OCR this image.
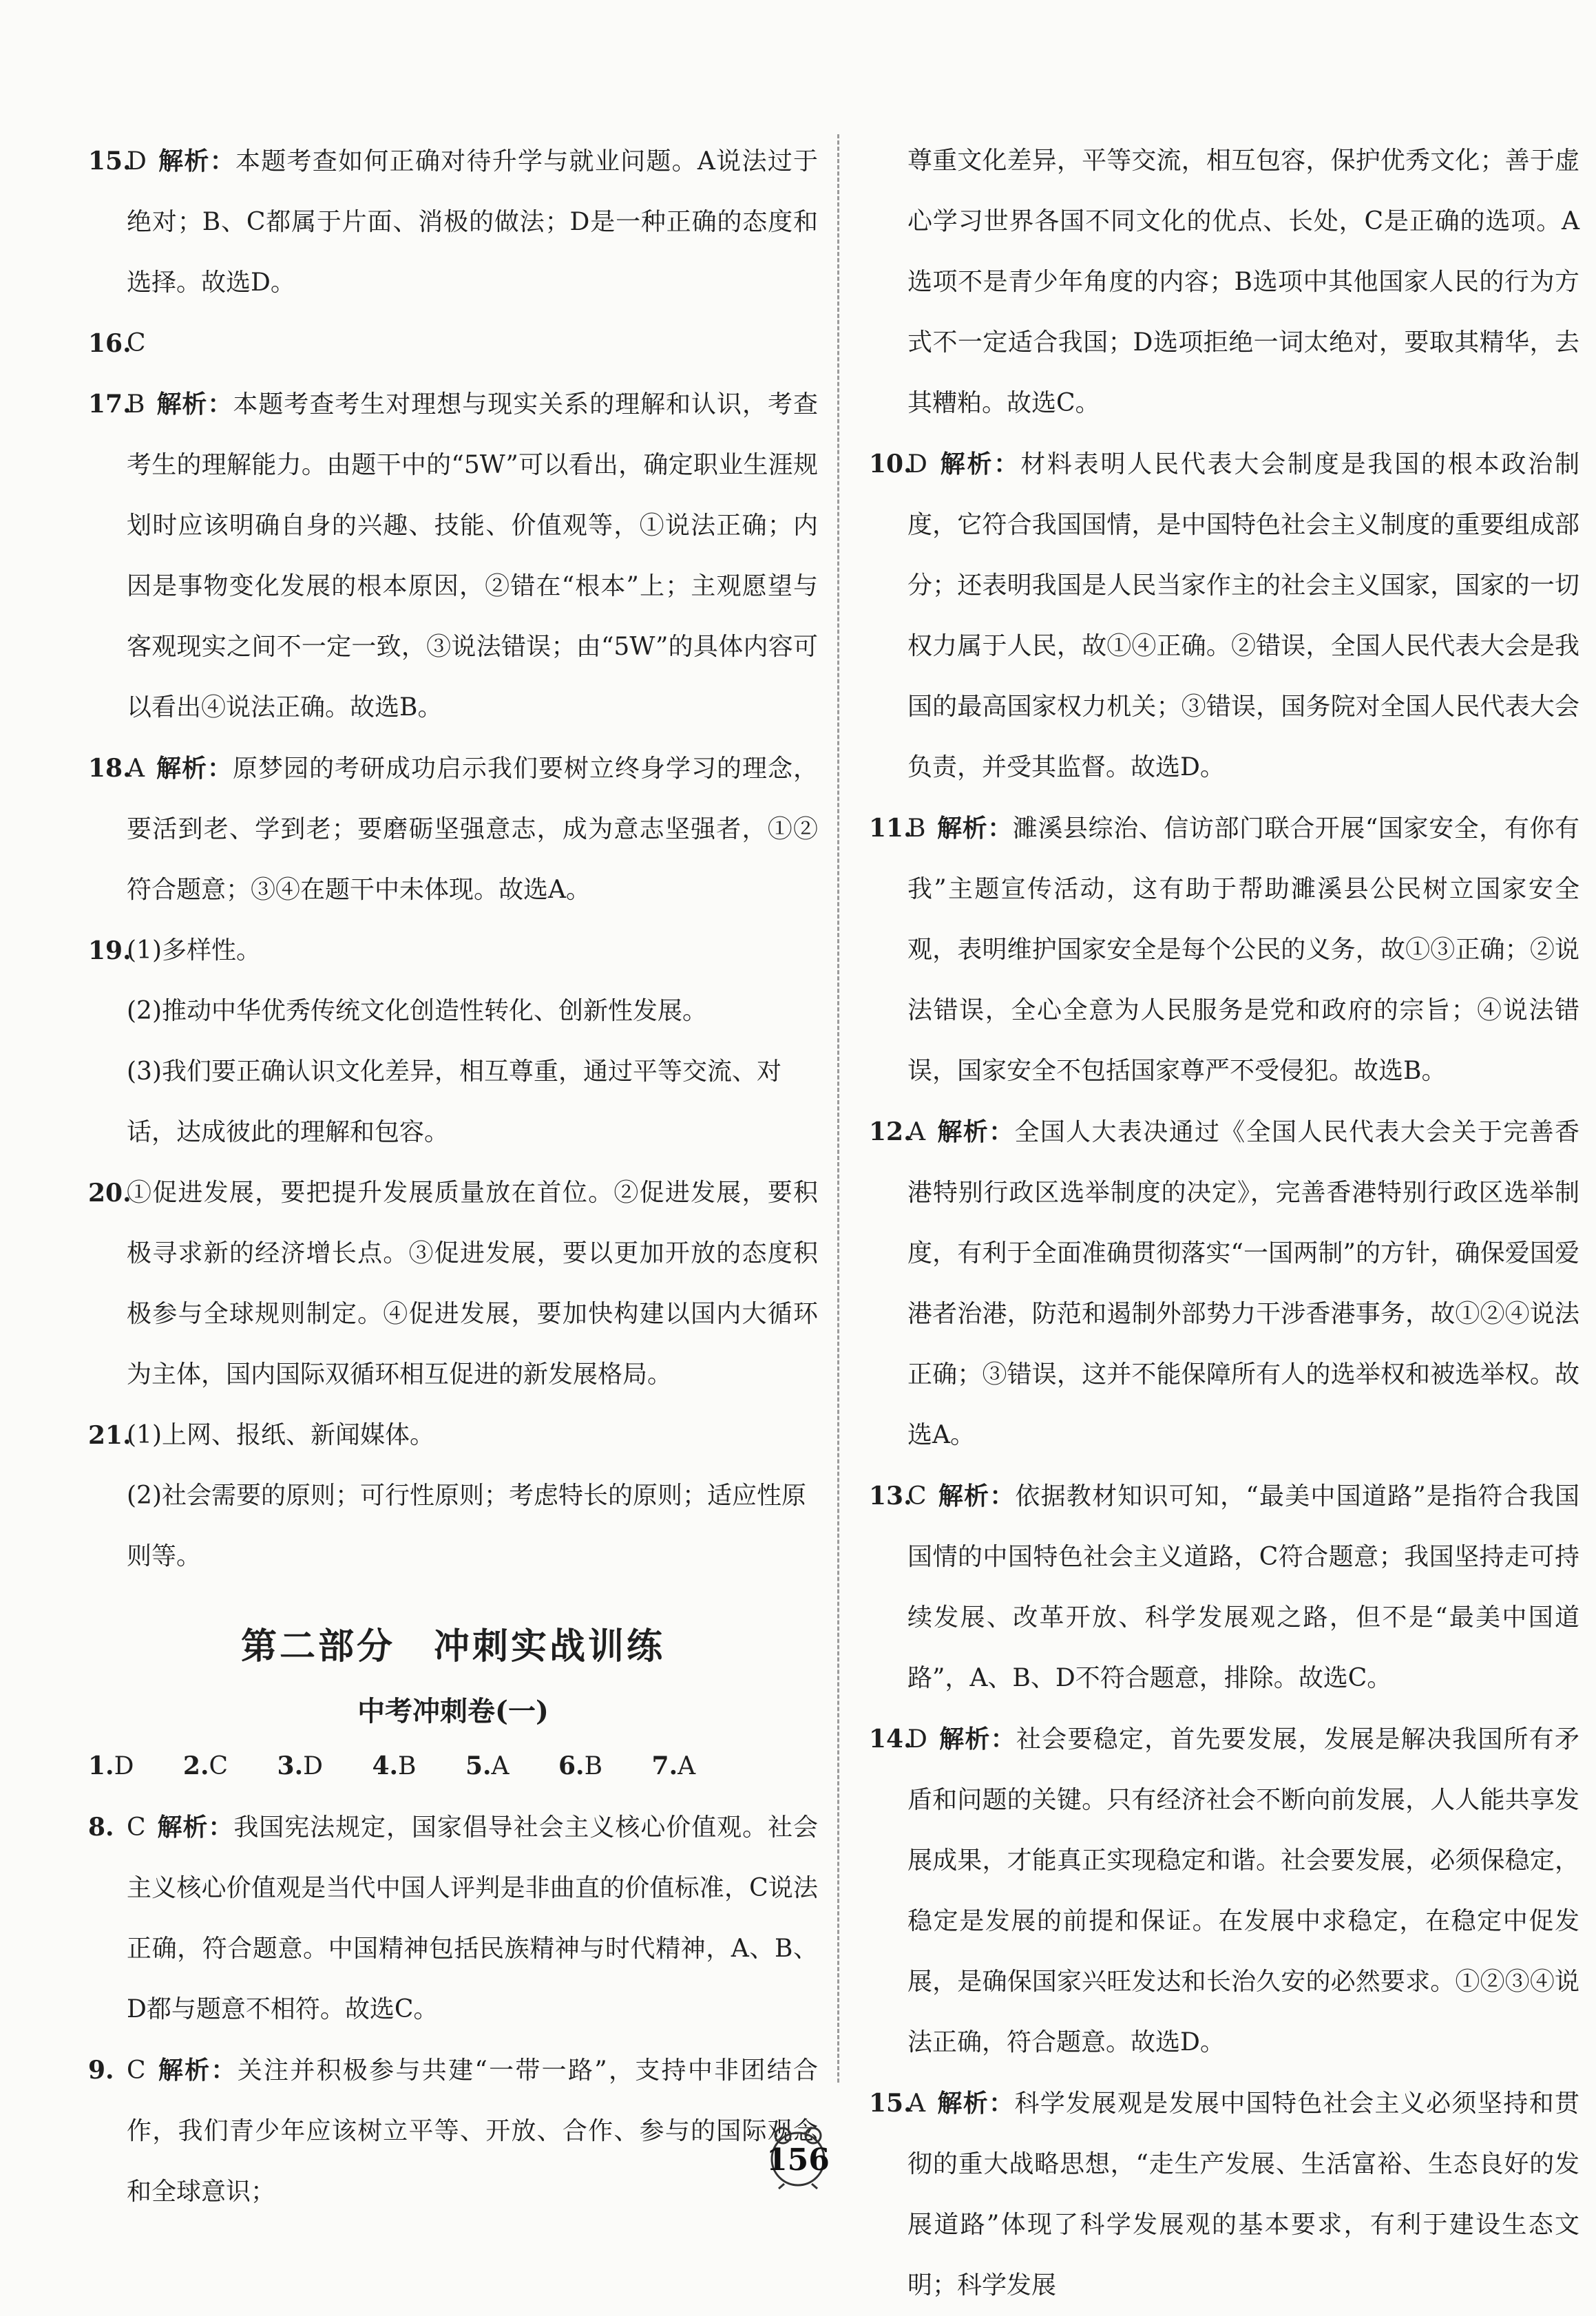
15.
D 解析：本题考查如何正确对待升学与就业问题。A说法过于绝对；B、C都属于片面、消极的做法；D是一种正确的态度和选择。故选D。
16.
C
17.
B 解析：本题考查考生对理想与现实关系的理解和认识，考查考生的理解能力。由题干中的“5W”可以看出，确定职业生涯规划时应该明确自身的兴趣、技能、价值观等，①说法正确；内因是事物变化发展的根本原因，②错在“根本”上；主观愿望与客观现实之间不一定一致，③说法错误；由“5W”的具体内容可以看出④说法正确。故选B。
18.
A 解析：原梦园的考研成功启示我们要树立终身学习的理念，要活到老、学到老；要磨砺坚强意志，成为意志坚强者，①②符合题意；③④在题干中未体现。故选A。
19.
(1)多样性。
(2)推动中华优秀传统文化创造性转化、创新性发展。
(3)我们要正确认识文化差异，相互尊重，通过平等交流、对话，达成彼此的理解和包容。
20.
①促进发展，要把提升发展质量放在首位。②促进发展，要积极寻求新的经济增长点。③促进发展，要以更加开放的态度积极参与全球规则制定。④促进发展，要加快构建以国内大循环为主体，国内国际双循环相互促进的新发展格局。
21.
(1)上网、报纸、新闻媒体。
(2)社会需要的原则；可行性原则；考虑特长的原则；适应性原则等。
第二部分　冲刺实战训练
中考冲刺卷(一)
1.D 2.C 3.D 4.B 5.A 6.B 7.A
8. C 解析：我国宪法规定，国家倡导社会主义核心价值观。社会主义核心价值观是当代中国人评判是非曲直的价值标准，C说法正确，符合题意。中国精神包括民族精神与时代精神，A、B、D都与题意不相符。故选C。
9. C 解析：关注并积极参与共建“一带一路”，支持中非团结合作，我们青少年应该树立平等、开放、合作、参与的国际观念和全球意识；
尊重文化差异，平等交流，相互包容，保护优秀文化；善于虚心学习世界各国不同文化的优点、长处，C是正确的选项。A选项不是青少年角度的内容；B选项中其他国家人民的行为方式不一定适合我国；D选项拒绝一词太绝对，要取其精华，去其糟粕。故选C。
10.
D 解析：材料表明人民代表大会制度是我国的根本政治制度，它符合我国国情，是中国特色社会主义制度的重要组成部分；还表明我国是人民当家作主的社会主义国家，国家的一切权力属于人民，故①④正确。②错误，全国人民代表大会是我国的最高国家权力机关；③错误，国务院对全国人民代表大会负责，并受其监督。故选D。
11.
B 解析：濉溪县综治、信访部门联合开展“国家安全，有你有我”主题宣传活动，这有助于帮助濉溪县公民树立国家安全观，表明维护国家安全是每个公民的义务，故①③正确；②说法错误，全心全意为人民服务是党和政府的宗旨；④说法错误，国家安全不包括国家尊严不受侵犯。故选B。
12.
A 解析：全国人大表决通过《全国人民代表大会关于完善香港特别行政区选举制度的决定》，完善香港特别行政区选举制度，有利于全面准确贯彻落实“一国两制”的方针，确保爱国爱港者治港，防范和遏制外部势力干涉香港事务，故①②④说法正确；③错误，这并不能保障所有人的选举权和被选举权。故选A。
13.
C 解析：依据教材知识可知，“最美中国道路”是指符合我国国情的中国特色社会主义道路，C符合题意；我国坚持走可持续发展、改革开放、科学发展观之路，但不是“最美中国道路”，A、B、D不符合题意，排除。故选C。
14.
D 解析：社会要稳定，首先要发展，发展是解决我国所有矛盾和问题的关键。只有经济社会不断向前发展，人人能共享发展成果，才能真正实现稳定和谐。社会要发展，必须保稳定，稳定是发展的前提和保证。在发展中求稳定，在稳定中促发展，是确保国家兴旺发达和长治久安的必然要求。①②③④说法正确，符合题意。故选D。
15.
A 解析：科学发展观是发展中国特色社会主义必须坚持和贯彻的重大战略思想，“走生产发展、生活富裕、生态良好的发展道路”体现了科学发展观的基本要求，有利于建设生态文明；科学发展
156
